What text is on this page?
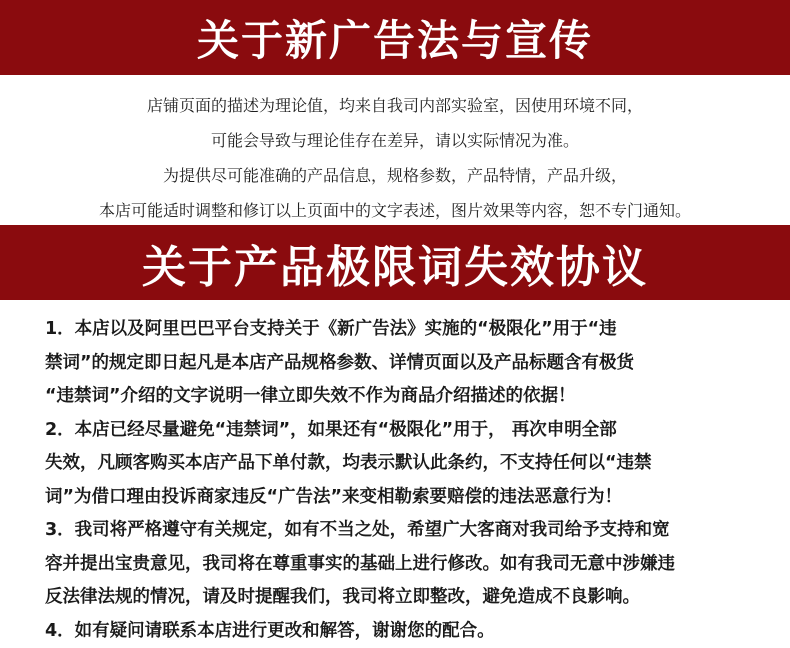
关于新广告法与宣传

店铺页面的描述为理论值，均来自我司内部实验室，因使用环境不同，

可能会导致与理论佳存在差异，请以实际情况为准。

为提供尽可能准确的产品信息，规格参数，产品特情，产品升级，

本店可能适时调整和修订以上页面中的文字表述，图片效果等内容，恕不专门通知。

关于产品极限词失效协议

1．本店以及阿里巴巴平台支持关于《新广告法》实施的“极限化”用于“违

禁词”的规定即日起凡是本店产品规格参数、详情页面以及产品标题含有极货

“违禁词”介绍的文字说明一律立即失效不作为商品介绍描述的依据！

2．本店已经尽量避免“违禁词”，如果还有“极限化”用于， 再次申明全部

失效，凡顾客购买本店产品下单付款，均表示默认此条约，不支持任何以“违禁

词”为借口理由投诉商家违反“广告法”来变相勒索要赔偿的违法恶意行为！

3．我司将严格遵守有关规定，如有不当之处，希望广大客商对我司给予支持和宽

容并提出宝贵意见，我司将在尊重事实的基础上进行修改。如有我司无意中涉嫌违

反法律法规的情况，请及时提醒我们，我司将立即整改，避免造成不良影响。

4．如有疑问请联系本店进行更改和解答，谢谢您的配合。
